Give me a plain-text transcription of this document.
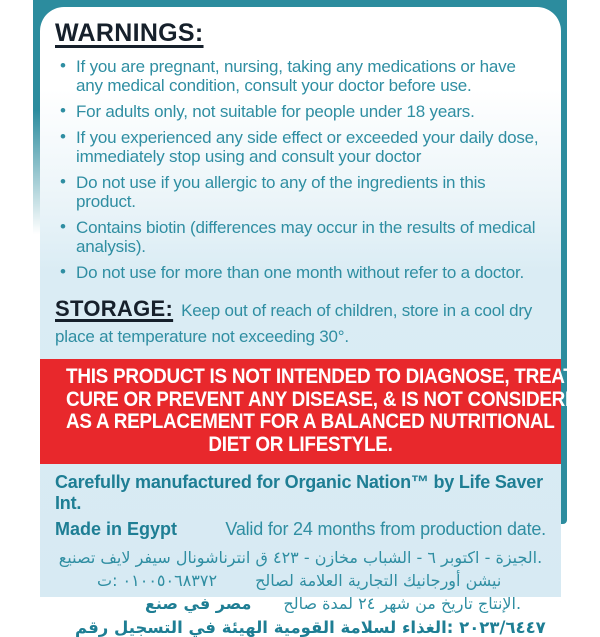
WARNINGS:
• If you are pregnant, nursing, taking any medications or have any medical condition, consult your doctor before use.
• For adults only, not suitable for people under 18 years.
• If you experienced any side effect or exceeded your daily dose, immediately stop using and consult your doctor
• Do not use if you allergic to any of the ingredients in this product.
• Contains biotin (differences may occur in the results of medical analysis).
• Do not use for more than one month without refer to a doctor.
STORAGE: Keep out of reach of children, store in a cool dry place at temperature not exceeding 30°.
THIS PRODUCT IS NOT INTENDED TO DIAGNOSE, TREAT,
CURE OR PREVENT ANY DISEASE, & IS NOT CONSIDERED
AS A REPLACEMENT FOR A BALANCED NUTRITIONAL
DIET OR LIFESTYLE.
Carefully manufactured for Organic Nation™ by Life Saver Int.
Made in Egypt	Valid for 24 months from production date.
تصنيع ‎لايف ‎سيفر ‎انترناشونال ‎ق ‎٤٢٣ ‎- ‎مخازن ‎الشباب ‎- ‎٦ ‎اكتوبر ‎- ‎الجيزة.
ت: ‎٠١٠٠٥٠٦٨٣٧٢ لصالح ‎العلامة ‎التجارية ‎أورجانيك ‎نيشن
صنع ‎في ‎مصر صالح ‎لمدة ‎٢٤ ‎شهر ‎من ‎تاريخ ‎الإنتاج.
رقم ‎التسجيل ‎في ‎الهيئة ‎القومية ‎لسلامة ‎الغذاء: ‎٢٠٢٣/٦٤٤٧
